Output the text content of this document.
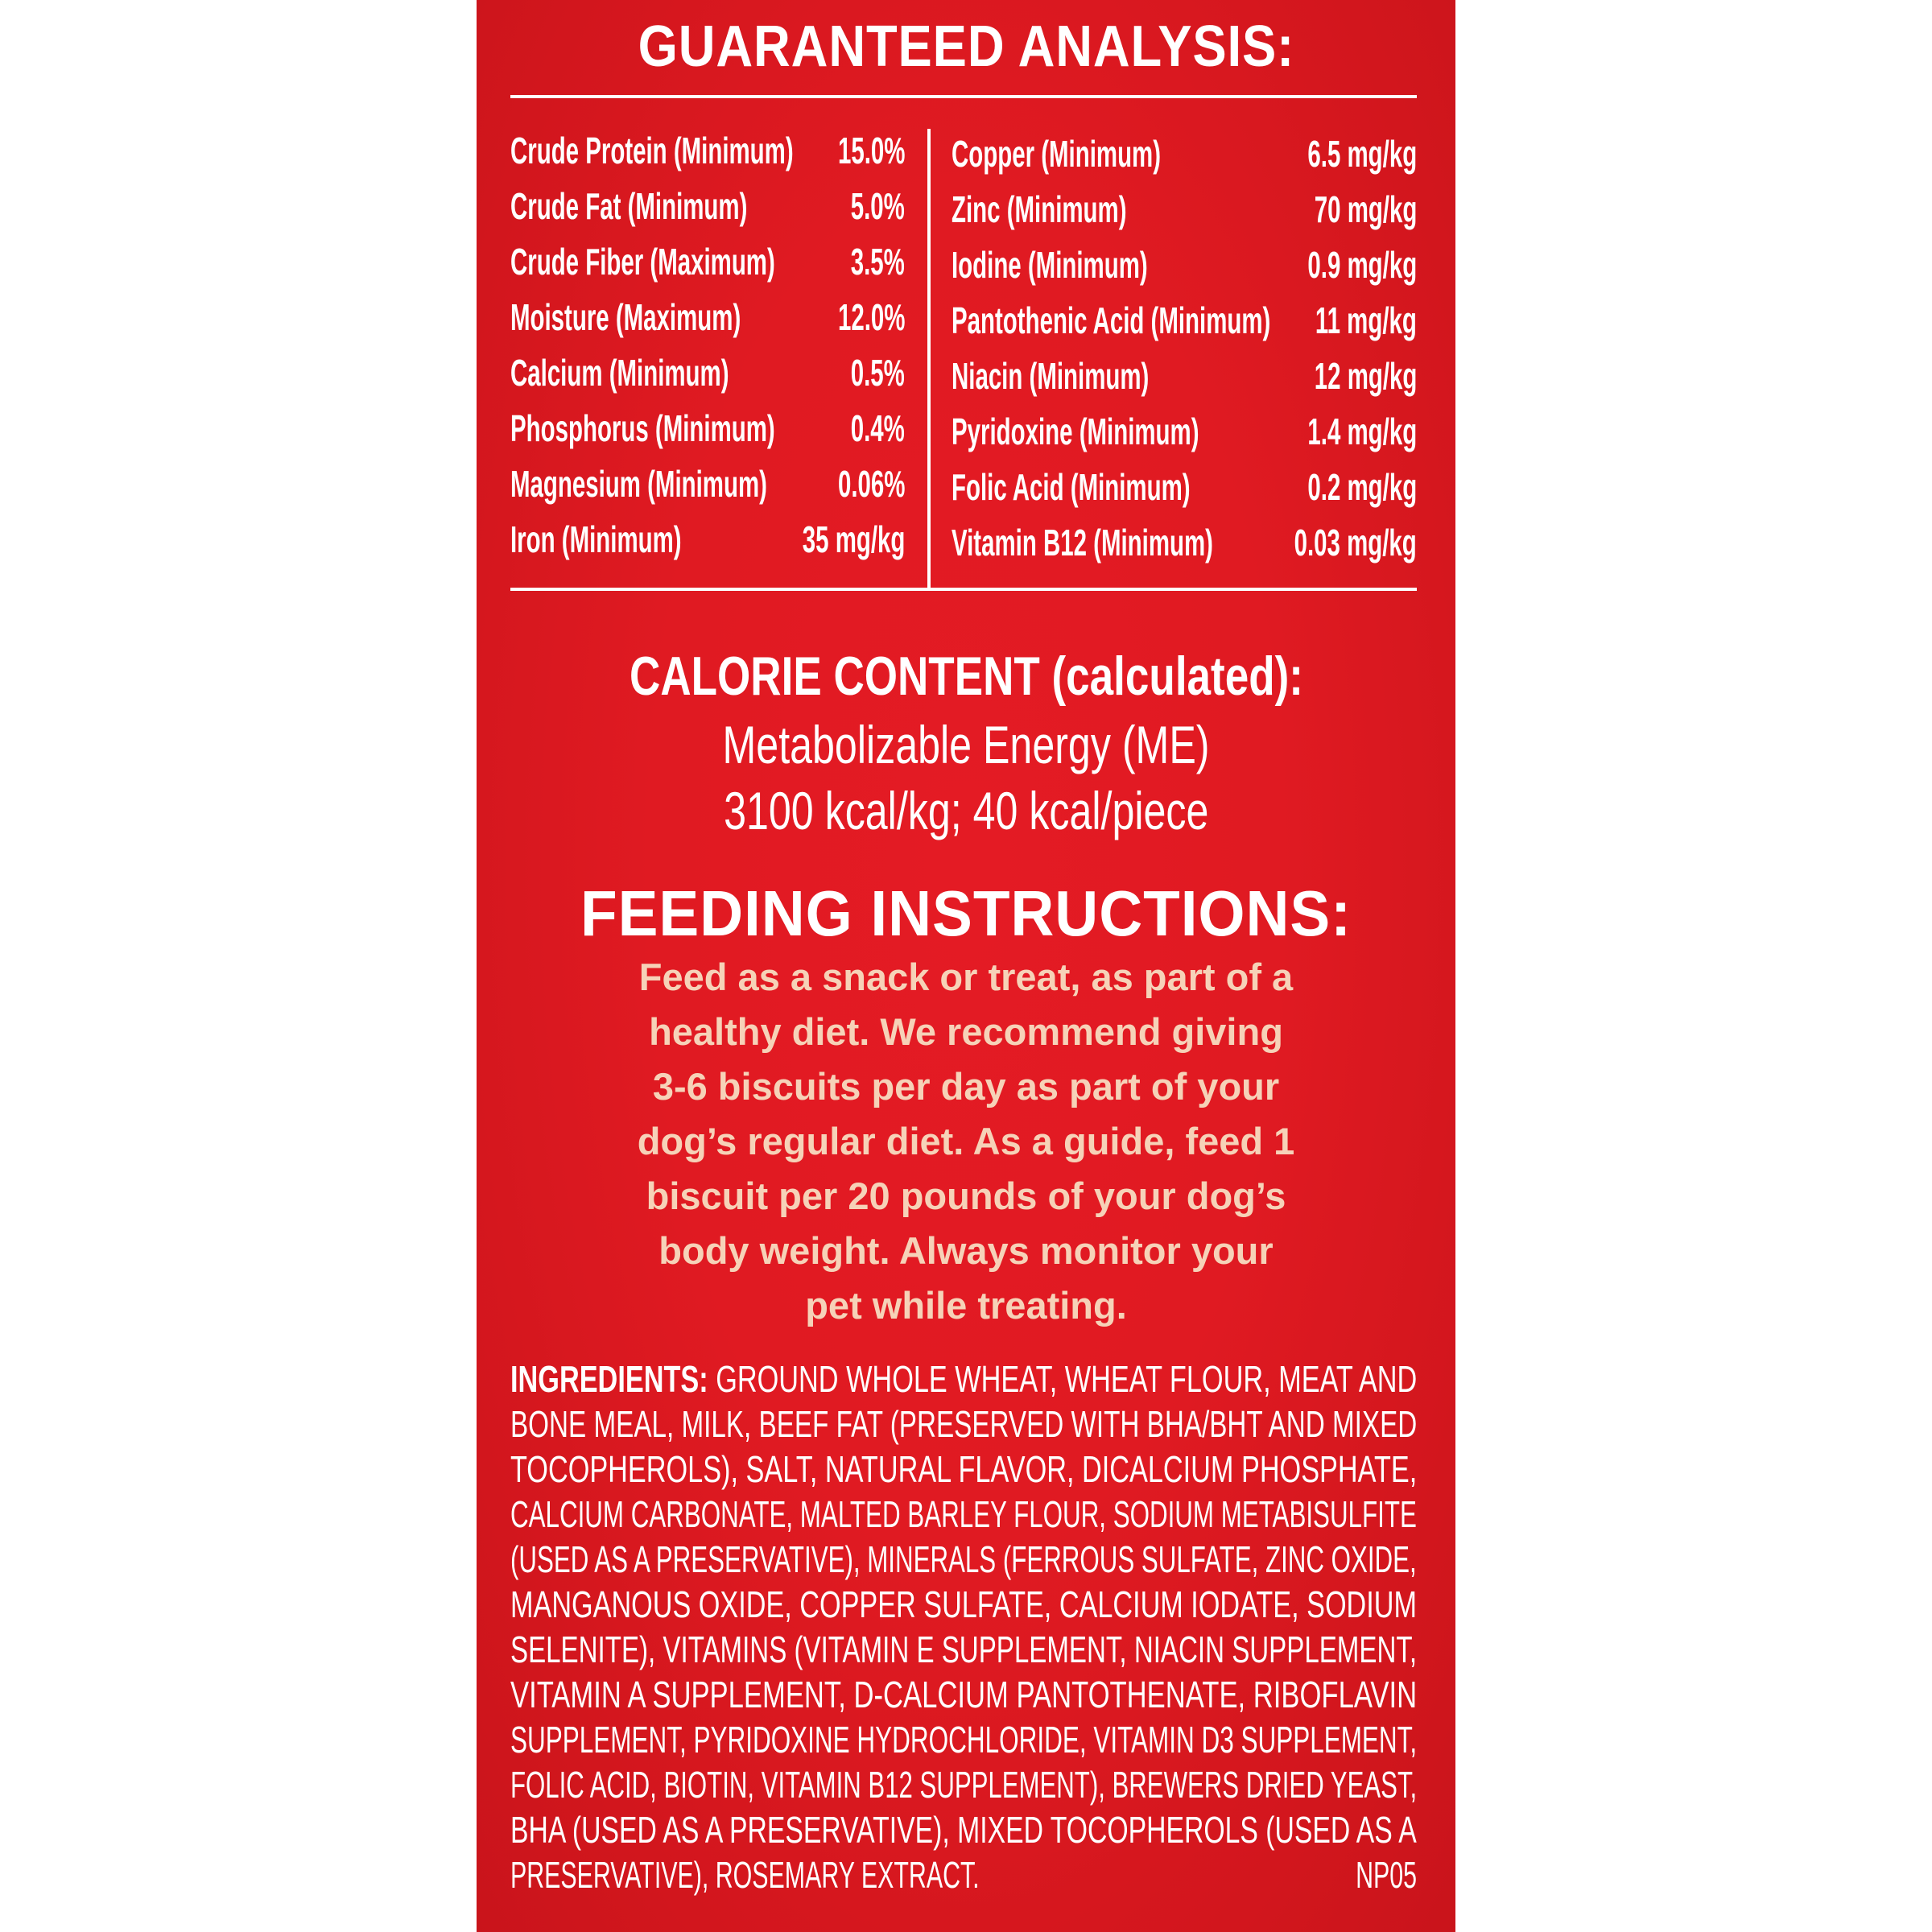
GUARANTEED ANALYSIS:
Crude Protein (Minimum) 15.0%
Crude Fat (Minimum)	5.0%
Crude Fiber (Maximum) 3.5%
Moisture (Maximum)	12.0%
Calcium (Minimum)	0.5%
Phosphorus (Minimum) 0.4%
Magnesium (Minimum) 0.06%
Iron (Minimum)	35 mg/kg
Copper (Minimum)	6.5 mg/kg
Zinc (Minimum)	70 mg/kg
Iodine (Minimum)	0.9 mg/kg
Pantothenic Acid (Minimum) 11 mg/kg
Niacin (Minimum)	12 mg/kg
Pyridoxine (Minimum)	1.4 mg/kg
Folic Acid (Minimum)	0.2 mg/kg
Vitamin B12 (Minimum) 0.03 mg/kg
CALORIE CONTENT (calculated):
Metabolizable Energy (ME)
3100 kcal/kg; 40 kcal/piece
FEEDING INSTRUCTIONS:
Feed as a snack or treat, as part of a
healthy diet. We recommend giving
3-6 biscuits per day as part of your
dog’s regular diet. As a guide, feed 1
biscuit per 20 pounds of your dog’s
body weight. Always monitor your
pet while treating.
INGREDIENTS: GROUND WHOLE WHEAT, WHEAT FLOUR, MEAT AND
BONE MEAL, MILK, BEEF FAT (PRESERVED WITH BHA/BHT AND MIXED
TOCOPHEROLS), SALT, NATURAL FLAVOR, DICALCIUM PHOSPHATE,
CALCIUM CARBONATE, MALTED BARLEY FLOUR, SODIUM METABISULFITE
(USED AS A PRESERVATIVE), MINERALS (FERROUS SULFATE, ZINC OXIDE,
MANGANOUS OXIDE, COPPER SULFATE, CALCIUM IODATE, SODIUM
SELENITE), VITAMINS (VITAMIN E SUPPLEMENT, NIACIN SUPPLEMENT,
VITAMIN A SUPPLEMENT, D-CALCIUM PANTOTHENATE, RIBOFLAVIN
SUPPLEMENT, PYRIDOXINE HYDROCHLORIDE, VITAMIN D3 SUPPLEMENT,
FOLIC ACID, BIOTIN, VITAMIN B12 SUPPLEMENT), BREWERS DRIED YEAST,
BHA (USED AS A PRESERVATIVE), MIXED TOCOPHEROLS (USED AS A
PRESERVATIVE), ROSEMARY EXTRACT.	NP05
